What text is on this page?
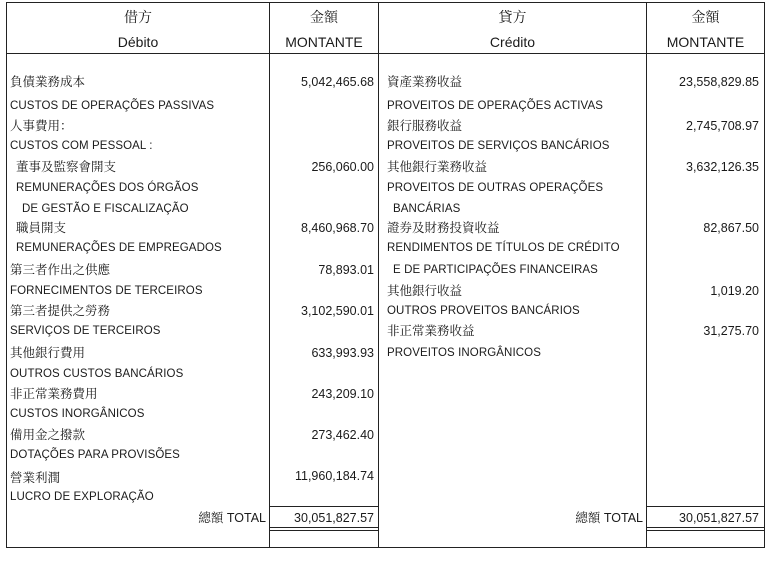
借方
Débito
金額
MONTANTE
貸方
Crédito
金額
MONTANTE
負債業務成本
CUSTOS DE OPERAÇÕES PASSIVAS
人事費用：
CUSTOS COM PESSOAL :
董事及監察會開支
REMUNERAÇÕES DOS ÓRGÃOS
DE GESTÃO E FISCALIZAÇÃO
職員開支
REMUNERAÇÕES DE EMPREGADOS
第三者作出之供應
FORNECIMENTOS DE TERCEIROS
第三者提供之勞務
SERVIÇOS DE TERCEIROS
其他銀行費用
OUTROS CUSTOS BANCÁRIOS
非正常業務費用
CUSTOS INORGÂNICOS
備用金之撥款
DOTAÇÕES PARA PROVISÕES
營業利潤
LUCRO DE EXPLORAÇÃO
總額 TOTAL
5,042,465.68
256,060.00
8,460,968.70
78,893.01
3,102,590.01
633,993.93
243,209.10
273,462.40
11,960,184.74
30,051,827.57
資產業務收益
PROVEITOS DE OPERAÇÕES ACTIVAS
銀行服務收益
PROVEITOS DE SERVIÇOS BANCÁRIOS
其他銀行業務收益
PROVEITOS DE OUTRAS OPERAÇÕES
BANCÁRIAS
證券及財務投資收益
RENDIMENTOS DE TÍTULOS DE CRÉDITO
E DE PARTICIPAÇÕES FINANCEIRAS
其他銀行收益
OUTROS PROVEITOS BANCÁRIOS
非正常業務收益
PROVEITOS INORGÂNICOS
總額 TOTAL
23,558,829.85
2,745,708.97
3,632,126.35
82,867.50
1,019.20
31,275.70
30,051,827.57
